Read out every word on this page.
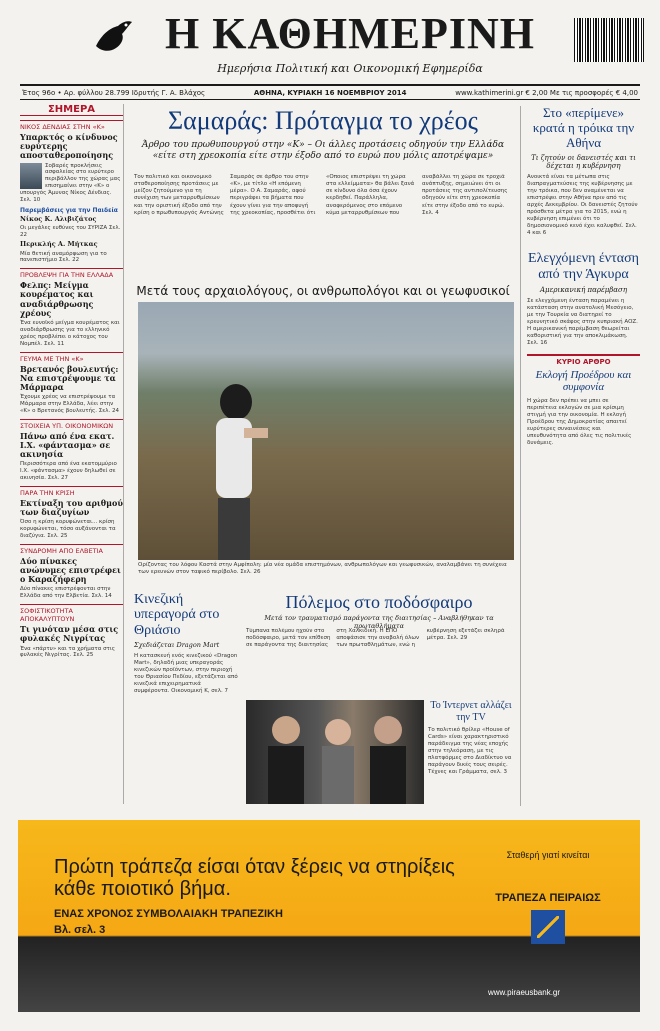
Η ΚΑΘΗΜΕΡΙΝΗ
Ημερήσια Πολιτική και Οικονομική Εφημερίδα
Έτος 96ο • Αρ. φύλλου 28.799 Ιδρυτής Γ. Α. Βλάχος	ΑΘΗΝΑ, ΚΥΡΙΑΚΗ 16 ΝΟΕΜΒΡΙΟΥ 2014	www.kathimerini.gr € 2,00 Με τις προσφορές € 4,00
ΣΗΜΕΡΑ
ΝΙΚΟΣ ΔΕΝΔΙΑΣ ΣΤΗΝ «Κ»
Υπαρκτός ο κίνδυνος ευρύτερης αποσταθεροποίησης
Σοβαρές προκλήσεις ασφαλείας στο ευρύτερο περιβάλλον της χώρας μας επισημαίνει στην «Κ» ο υπουργός Άμυνας Νίκος Δένδιας. Σελ. 10
Παρεμβάσεις για την Παιδεία
Νίκος Κ. Αλιβιζάτος
Οι μεγάλες ευθύνες του ΣΥΡΙΖΑ Σελ. 22
Περικλής Α. Μήτκας
Μία θετική αναμόρφωση για το πανεπιστήμιο Σελ. 22
ΠΡΟΒΛΕΨΗ ΓΙΑ ΤΗΝ ΕΛΛΑΔΑ
Φελπς: Μείγμα κουρέματος και αναδιάρθρωσης χρέους
Ένα ευνοϊκό μείγμα κουρέματος και αναδιάρθρωσης για το ελληνικό χρέος προβλέπει ο κάτοχος του Νομπέλ. Σελ. 11
ΓΕΥΜΑ ΜΕ ΤΗΝ «Κ»
Βρετανός βουλευτής: Να επιστρέψουμε τα Μάρμαρα
Έχουμε χρέος να επιστρέψουμε τα Μάρμαρα στην Ελλάδα, λέει στην «Κ» ο Βρετανός βουλευτής. Σελ. 24
ΣΤΟΙΧΕΙΑ ΥΠ. ΟΙΚΟΝΟΜΙΚΩΝ
Πάνω από ένα εκατ. Ι.Χ. «φάντασμα» σε ακινησία
Περισσότερα από ένα εκατομμύριο Ι.Χ. «φάντασμα» έχουν δηλωθεί σε ακινησία. Σελ. 27
ΠΑΡΑ ΤΗΝ ΚΡΙΣΗ
Εκτίναξη του αριθμού των διαζυγίων
Όσο η κρίση κορυφώνεται... κρίση κορυφώνεται, τόσο αυξάνονται τα διαζύγια. Σελ. 25
ΣΥΝΔΡΟΜΗ ΑΠΟ ΕΛΒΕΤΙΑ
Δύο πίνακες ανώνυμες επιστρέφει ο Καραζήφερη
Δύο πίνακες επιστρέφονται στην Ελλάδα από την Ελβετία. Σελ. 14
ΣΟΦΙΣΤΙΚΟΤΗΤΑ ΑΠΟΚΑΛΥΠΤΟΥΝ
Τι γινόταν μέσα στις φυλακές Νιγρίτας
Ένα «πάρτυ» και τα χρήματα στις φυλακές Νιγρίτας. Σελ. 25
Σαμαράς: Πρόταγμα το χρέος
Άρθρο του πρωθυπουργού στην «Κ» – Οι άλλες προτάσεις οδηγούν την Ελλάδα «είτε στη χρεοκοπία είτε στην έξοδο από το ευρώ που μόλις αποτρέψαμε»
Τον πολιτικό και οικονομικό σταθεροποίησης προτάσεις με μείζον ζητούμενο για τη συνέχιση των μεταρρυθμίσεων και την οριστική έξοδο από την κρίση ο πρωθυπουργός Αντώνης Σαμαράς σε άρθρο του στην «Κ», με τίτλο «Η επόμενη μέρα». Ο Α. Σαμαράς, αφού περιγράφει τα βήματα που έχουν γίνει για την αποφυγή της χρεοκοπίας, προσθέτει ότι «Οποιος επιστρέψει τη χώρα στα ελλείμματα» θα βάλει ξανά σε κίνδυνο όλα όσα έχουν κερδηθεί. Παράλληλα, αναφερόμενος στο επόμενο κύμα μεταρρυθμίσεων που αναβάλλει τη χώρα σε τροχιά ανάπτυξης, σημειώνει ότι οι προτάσεις της αντιπολίτευσης οδηγούν είτε στη χρεοκοπία είτε στην έξοδο από το ευρώ. Σελ. 4
Μετά τους αρχαιολόγους, οι ανθρωπολόγοι και οι γεωφυσικοί
Ορίζοντας του λόφου Καστά στην Αμφίπολη: μία νέα ομάδα επιστημόνων, ανθρωπολόγων και γεωφυσικών, αναλαμβάνει τη συνέχεια των ερευνών στον ταφικό περίβολο. Σελ. 26
Στο «περίμενε» κρατά η τρόικα την Αθήνα
Τι ζητούν οι δανειστές και τι δέχεται η κυβέρνηση
Ανοικτά είναι τα μέτωπα στις διαπραγματεύσεις της κυβέρνησης με την τρόικα, που δεν αναμένεται να επιστρέψει στην Αθήνα πριν από τις αρχές Δεκεμβρίου. Οι δανειστές ζητούν πρόσθετα μέτρα για το 2015, ενώ η κυβέρνηση επιμένει ότι το δημοσιονομικό κενό έχει καλυφθεί. Σελ. 4 και 6
Ελεγχόμενη ένταση από την Άγκυρα
Αμερικανική παρέμβαση
Σε ελεγχόμενη ένταση παραμένει η κατάσταση στην ανατολική Μεσόγειο, με την Τουρκία να διατηρεί το ερευνητικό σκάφος στην κυπριακή ΑΟΖ. Η αμερικανική παρέμβαση θεωρείται καθοριστική για την αποκλιμάκωση. Σελ. 16
ΚΥΡΙΟ ΑΡΘΡΟ
Εκλογή Προέδρου και συμφονία
Η χώρα δεν πρέπει να μπει σε περιπέτεια εκλογών σε μια κρίσιμη στιγμή για την οικονομία. Η εκλογή Προέδρου της Δημοκρατίας απαιτεί ευρύτερες συναινέσεις και υπευθυνότητα από όλες τις πολιτικές δυνάμεις.
Κινεζική υπεραγορά στο Θριάσιο
Σχεδιάζεται Dragon Mart
Η κατασκευή ενός κινεζικού «Dragon Mart», δηλαδή μιας υπεραγοράς κινεζικών προϊόντων, στην περιοχή του Θριασίου Πεδίου, εξετάζεται από κινεζικά επιχειρηματικά συμφέροντα. Οικονομική Κ, σελ. 7
Πόλεμος στο ποδόσφαιρο
Μετά τον τραυματισμό παράγοντα της διαιτησίας – Αναβλήθηκαν τα πρωταθλήματα
Τύμπανα πολέμου ηχούν στο ποδόσφαιρο, μετά τον επίθεση σε παράγοντα της διαιτησίας στη Χαλκιδική. Η ΕΠΟ αποφάσισε την αναβολή όλων των πρωταθλημάτων, ενώ η κυβέρνηση εξετάζει σκληρά μέτρα. Σελ. 29
Το Ίντερνετ αλλάζει την TV
Το πολιτικό θρίλερ «House of Cards» είναι χαρακτηριστικό παράδειγμα της νέας εποχής στην τηλεόραση, με τις πλατφόρμες στο Διαδίκτυο να παράγουν δικές τους σειρές. Τέχνες και Γράμματα, σελ. 3
Πρώτη τράπεζα είσαι όταν ξέρεις να στηρίξεις κάθε ποιοτικό βήμα.
ΕΝΑΣ ΧΡΟΝΟΣ ΣΥΜΒΟΛΑΙΑΚΗ ΤΡΑΠΕΖΙΚΗ
Βλ. σελ. 3
Σταθερή γιατί κινείται
ΤΡΑΠΕΖΑ ΠΕΙΡΑΙΩΣ
www.piraeusbank.gr
